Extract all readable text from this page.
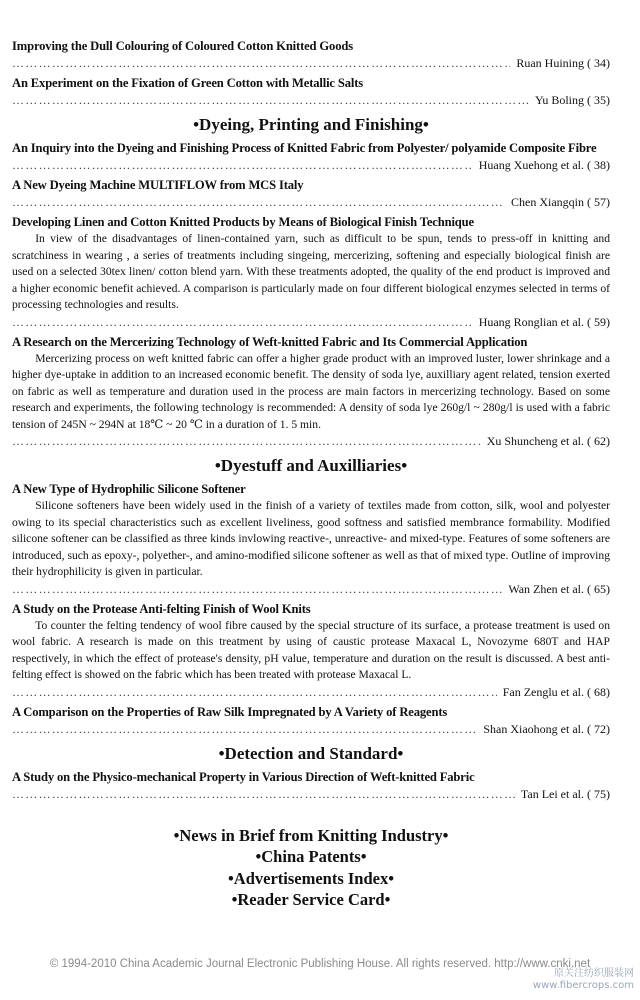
Improving the Dull Colouring of Coloured Cotton Knitted Goods
…………………………………………………………………………………………………………………………………………………………………………………………
Ruan Huining ( 34)
An Experiment on the Fixation of Green Cotton with Metallic Salts
…………………………………………………………………………………………………………………………………………………………………………………………
Yu Boling ( 35)
•Dyeing, Printing and Finishing•
An Inquiry into the Dyeing and Finishing Process of Knitted Fabric from Polyester/ polyamide Composite Fibre
…………………………………………………………………………………………………………………………………………………………………………………………
Huang Xuehong et al. ( 38)
A New Dyeing Machine MULTIFLOW from MCS Italy
…………………………………………………………………………………………………………………………………………………………………………………………
Chen Xiangqin ( 57)
Developing Linen and Cotton Knitted Products by Means of Biological Finish Technique

In view of the disadvantages of linen-contained yarn, such as difficult to be spun, tends to press-off in knitting and scratchiness in wearing , a series of treatments including singeing, mercerizing, softening and especially biological finish are used on a selected 30tex linen/ cotton blend yarn. With these treatments adopted, the quality of the end product is improved and a higher economic benefit achieved. A comparison is particularly made on four different biological enzymes selected in terms of processing technologies and results.

…………………………………………………………………………………………………………………………………………………………………………………………
Huang Ronglian et al. ( 59)
A Research on the Mercerizing Technology of Weft-knitted Fabric and Its Commercial Application

Mercerizing process on weft knitted fabric can offer a higher grade product with an improved luster, lower shrinkage and a higher dye-uptake in addition to an increased economic benefit. The density of soda lye, auxilliary agent related, tension exerted on fabric as well as temperature and duration used in the process are main factors in mercerizing technology. Based on some research and experiments, the following technology is recommended: A density of soda lye 260g/l ~ 280g/l is used with a fabric tension of 245N ~ 294N at 18℃ ~ 20 ℃ in a duration of 1. 5 min.

…………………………………………………………………………………………………………………………………………………………………………………………
Xu Shuncheng et al. ( 62)
•Dyestuff and Auxilliaries•
A New Type of Hydrophilic Silicone Softener

Silicone softeners have been widely used in the finish of a variety of textiles made from cotton, silk, wool and polyester owing to its special characteristics such as excellent liveliness, good softness and satisfied membrance formability. Modified silicone softener can be classified as three kinds invlowing reactive-, unreactive- and mixed-type. Features of some softeners are introduced, such as epoxy-, polyether-, and amino-modified silicone softener as well as that of mixed type. Outline of improving their hydrophilicity is given in particular.

…………………………………………………………………………………………………………………………………………………………………………………………
Wan Zhen et al. ( 65)
A Study on the Protease Anti-felting Finish of Wool Knits

To counter the felting tendency of wool fibre caused by the special structure of its surface, a protease treatment is used on wool fabric. A research is made on this treatment by using of caustic protease Maxacal L, Novozyme 680T and HAP respectively, in which the effect of protease's density, pH value, temperature and duration on the result is discussed. A best anti-felting effect is showed on the fabric which has been treated with protease Maxacal L.

…………………………………………………………………………………………………………………………………………………………………………………………
Fan Zenglu et al. ( 68)
A Comparison on the Properties of Raw Silk Impregnated by A Variety of Reagents
…………………………………………………………………………………………………………………………………………………………………………………………
Shan Xiaohong et al. ( 72)
•Detection and Standard•
A Study on the Physico-mechanical Property in Various Direction of Weft-knitted Fabric
…………………………………………………………………………………………………………………………………………………………………………………………
Tan Lei et al. ( 75)
•News in Brief from Knitting Industry•
•China Patents•
•Advertisements Index•
•Reader Service Card•
© 1994-2010 China Academic Journal Electronic Publishing House. All rights reserved. http://www.cnki.net
原关注纺织服装网
www.fibercrops.com
